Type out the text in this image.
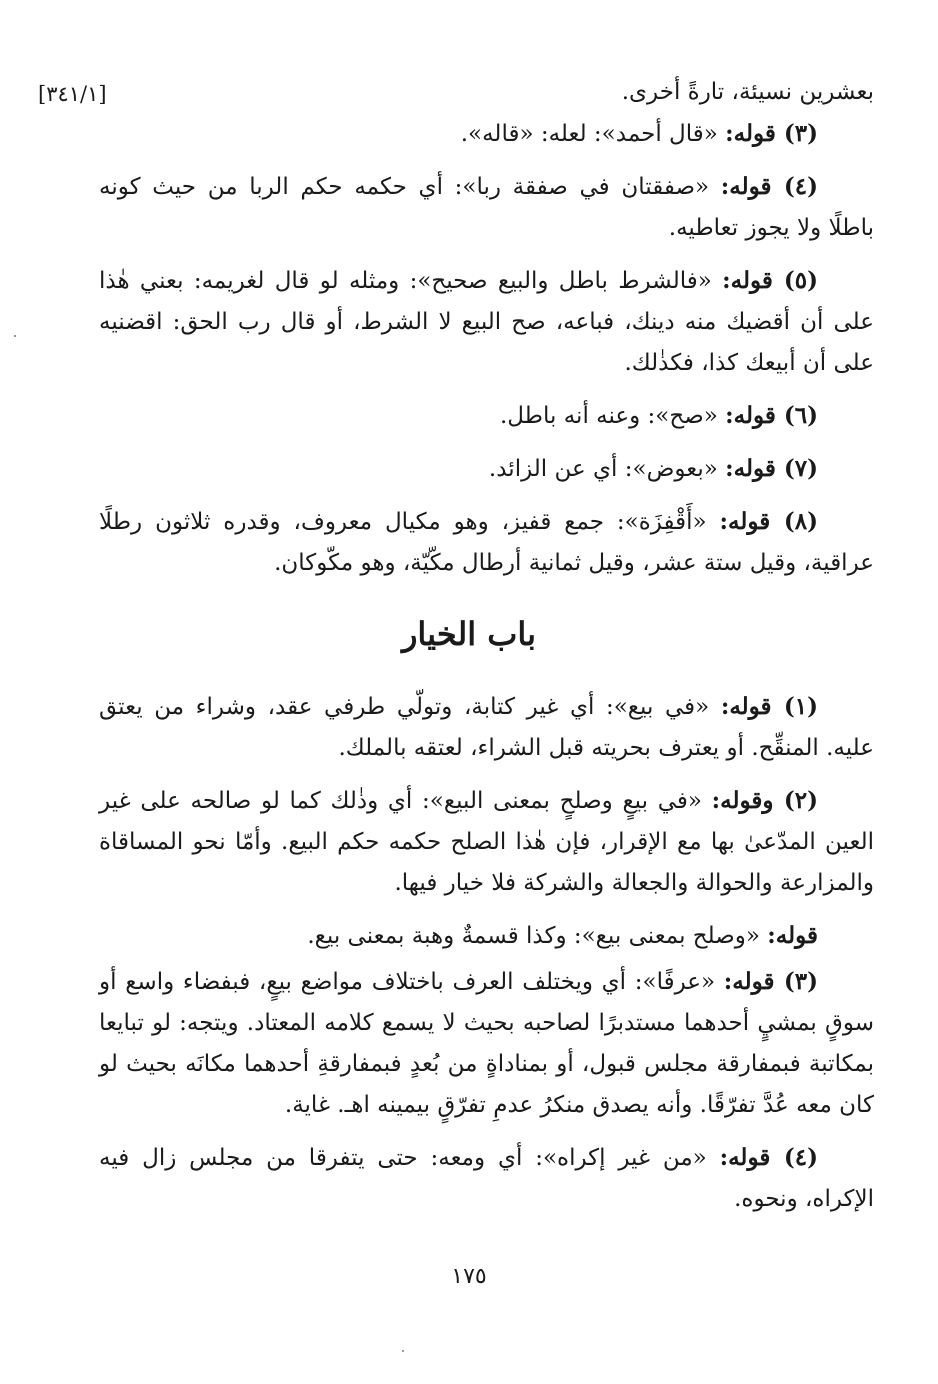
[٣٤١/١]	بعشرين نسيئة، تارةً أخرى.

(٣) قوله: «قال أحمد»: لعله: «قاله».

(٤) قوله: «صفقتان في صفقة ربا»: أي حكمه حكم الربا من حيث كونه باطلًا ولا يجوز تعاطيه.

(٥) قوله: «فالشرط باطل والبيع صحيح»: ومثله لو قال لغريمه: بعني هٰذا على أن أقضيك منه دينك، فباعه، صح البيع لا الشرط، أو قال رب الحق: اقضنيه على أن أبيعك كذا، فكذٰلك.

(٦) قوله: «صح»: وعنه أنه باطل.

(٧) قوله: «بعوض»: أي عن الزائد.

(٨) قوله: «أَقْفِزَة»: جمع قفيز، وهو مكيال معروف، وقدره ثلاثون رطلًا عراقية، وقيل ستة عشر، وقيل ثمانية أرطال مكّيّة، وهو مكّوكان.

باب الخيار

(١) قوله: «في بيع»: أي غير كتابة، وتولّي طرفي عقد، وشراء من يعتق عليه. المنقِّح. أو يعترف بحريته قبل الشراء، لعتقه بالملك.

(٢) وقوله: «في بيعٍ وصلحٍ بمعنى البيع»: أي وذٰلك كما لو صالحه على غير العين المدّعىٰ بها مع الإقرار، فإن هٰذا الصلح حكمه حكم البيع. وأمّا نحو المساقاة والمزارعة والحوالة والجعالة والشركة فلا خيار فيها.

قوله: «وصلح بمعنى بيع»: وكذا قسمةٌ وهبة بمعنى بيع.

(٣) قوله: «عرفًا»: أي ويختلف العرف باختلاف مواضع بيعٍ، فبفضاء واسع أو سوقٍ بمشيٍ أحدهما مستدبرًا لصاحبه بحيث لا يسمع كلامه المعتاد. ويتجه: لو تبايعا بمكاتبة فبمفارقة مجلس قبول، أو بمناداةٍ من بُعدٍ فبمفارقةِ أحدهما مكانَه بحيث لو كان معه عُدَّ تفرّقًا. وأنه يصدق منكرُ عدمِ تفرّقٍ بيمينه اهـ. غاية.

(٤) قوله: «من غير إكراه»: أي ومعه: حتى يتفرقا من مجلس زال فيه الإكراه، ونحوه.

١٧٥
